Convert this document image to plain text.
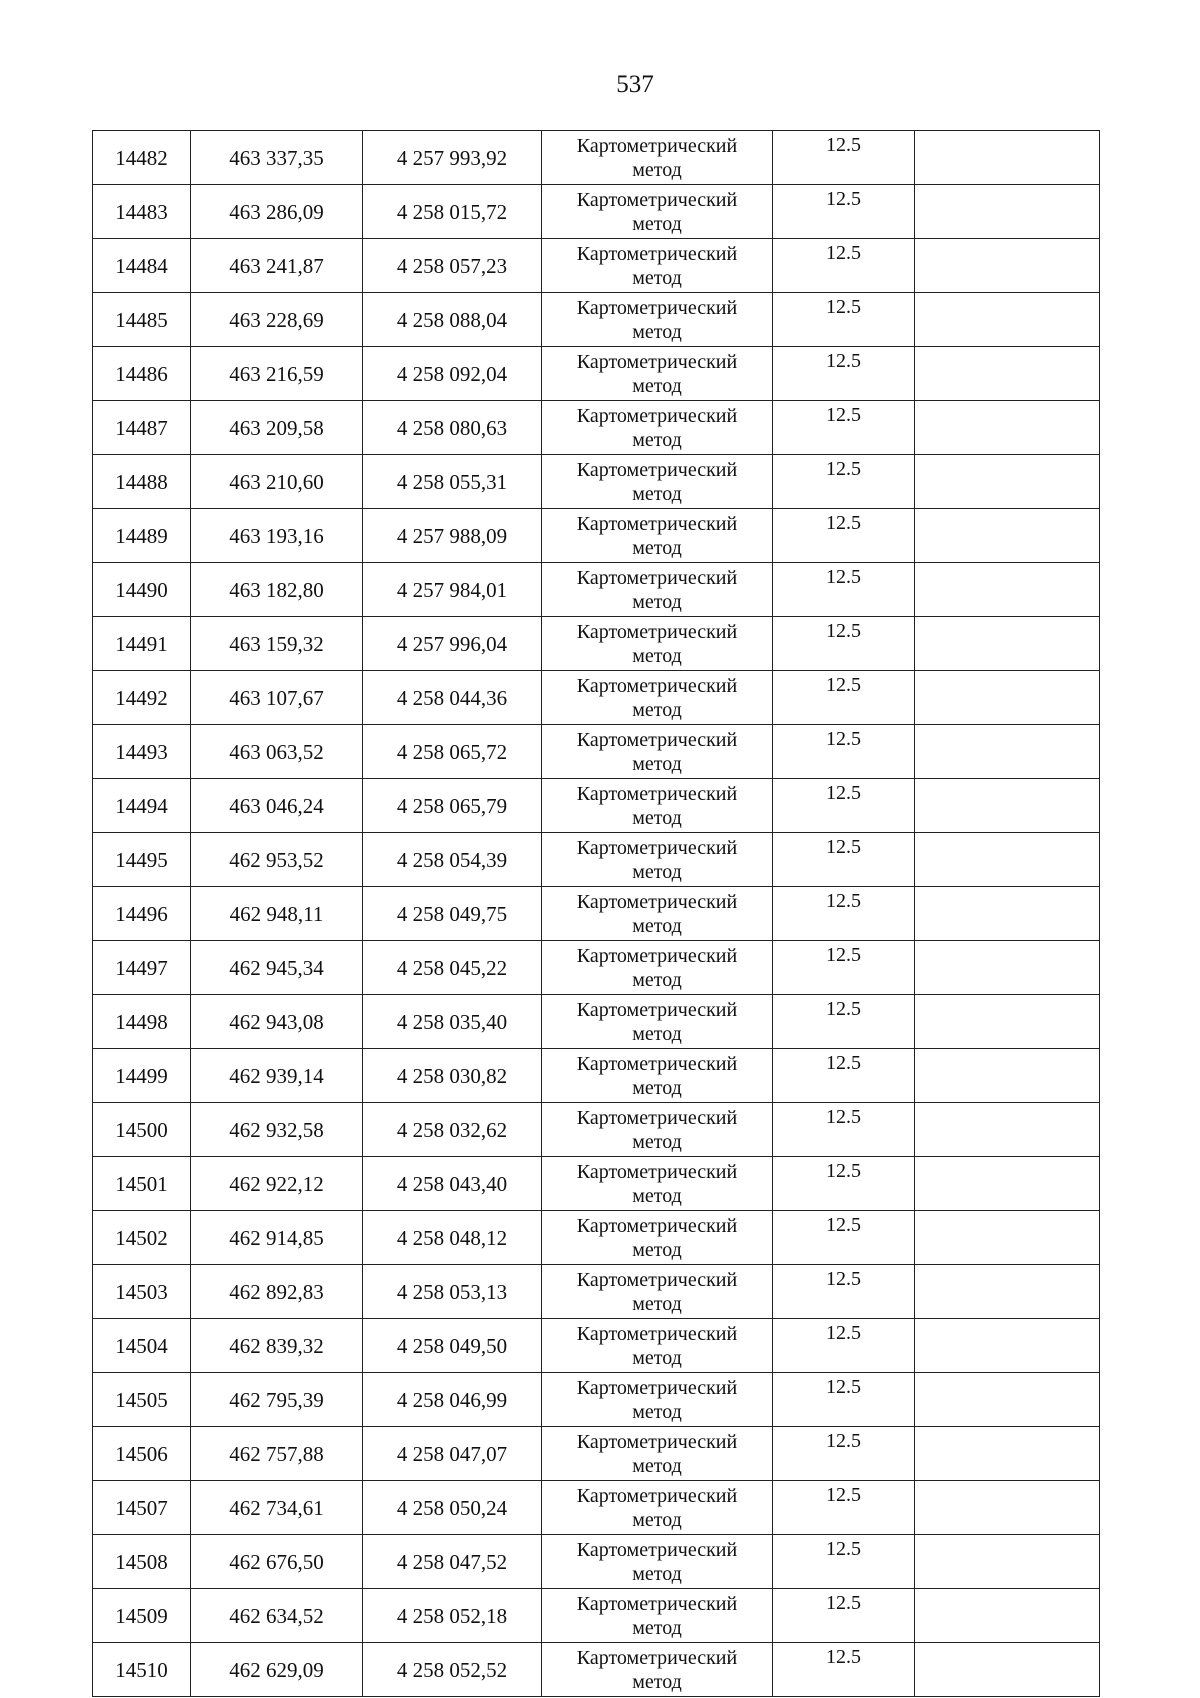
537
14482	463 337,35	4 257 993,92	Картометрический
метод	12.5	
14483	463 286,09	4 258 015,72	Картометрический
метод	12.5	
14484	463 241,87	4 258 057,23	Картометрический
метод	12.5	
14485	463 228,69	4 258 088,04	Картометрический
метод	12.5	
14486	463 216,59	4 258 092,04	Картометрический
метод	12.5	
14487	463 209,58	4 258 080,63	Картометрический
метод	12.5	
14488	463 210,60	4 258 055,31	Картометрический
метод	12.5	
14489	463 193,16	4 257 988,09	Картометрический
метод	12.5	
14490	463 182,80	4 257 984,01	Картометрический
метод	12.5	
14491	463 159,32	4 257 996,04	Картометрический
метод	12.5	
14492	463 107,67	4 258 044,36	Картометрический
метод	12.5	
14493	463 063,52	4 258 065,72	Картометрический
метод	12.5	
14494	463 046,24	4 258 065,79	Картометрический
метод	12.5	
14495	462 953,52	4 258 054,39	Картометрический
метод	12.5	
14496	462 948,11	4 258 049,75	Картометрический
метод	12.5	
14497	462 945,34	4 258 045,22	Картометрический
метод	12.5	
14498	462 943,08	4 258 035,40	Картометрический
метод	12.5	
14499	462 939,14	4 258 030,82	Картометрический
метод	12.5	
14500	462 932,58	4 258 032,62	Картометрический
метод	12.5	
14501	462 922,12	4 258 043,40	Картометрический
метод	12.5	
14502	462 914,85	4 258 048,12	Картометрический
метод	12.5	
14503	462 892,83	4 258 053,13	Картометрический
метод	12.5	
14504	462 839,32	4 258 049,50	Картометрический
метод	12.5	
14505	462 795,39	4 258 046,99	Картометрический
метод	12.5	
14506	462 757,88	4 258 047,07	Картометрический
метод	12.5	
14507	462 734,61	4 258 050,24	Картометрический
метод	12.5	
14508	462 676,50	4 258 047,52	Картометрический
метод	12.5	
14509	462 634,52	4 258 052,18	Картометрический
метод	12.5	
14510	462 629,09	4 258 052,52	Картометрический
метод	12.5	
